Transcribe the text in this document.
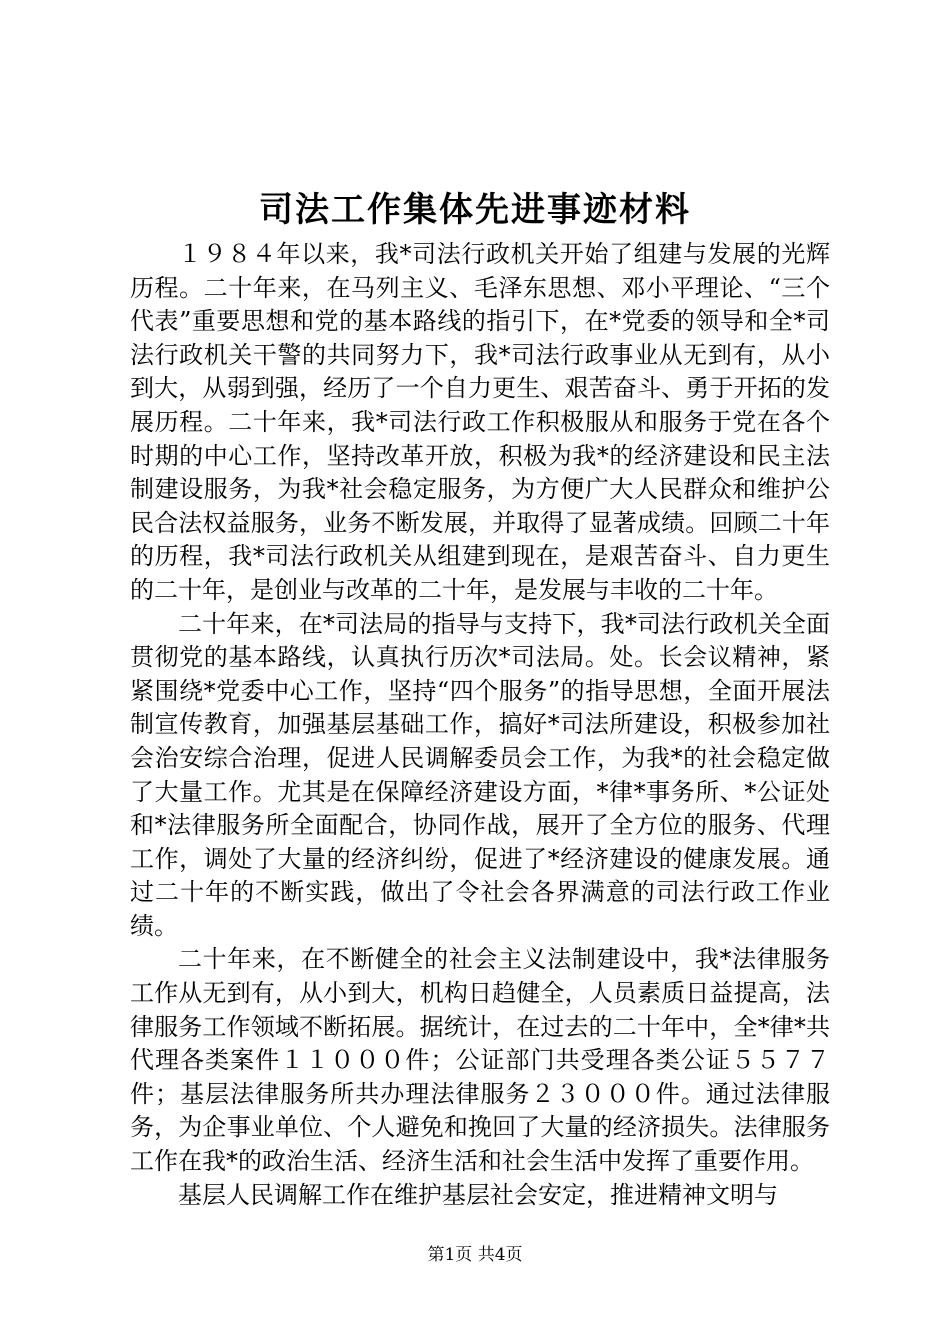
司法工作集体先进事迹材料

１９８４年以来，我*司法行政机关开始了组建与发展的光辉历程。二十年来，在马列主义、毛泽东思想、邓小平理论、“三个代表”重要思想和党的基本路线的指引下，在*党委的领导和全*司法行政机关干警的共同努力下，我*司法行政事业从无到有，从小到大，从弱到强，经历了一个自力更生、艰苦奋斗、勇于开拓的发展历程。二十年来，我*司法行政工作积极服从和服务于党在各个时期的中心工作，坚持改革开放，积极为我*的经济建设和民主法制建设服务，为我*社会稳定服务，为方便广大人民群众和维护公民合法权益服务，业务不断发展，并取得了显著成绩。回顾二十年的历程，我*司法行政机关从组建到现在，是艰苦奋斗、自力更生的二十年，是创业与改革的二十年，是发展与丰收的二十年。

二十年来，在*司法局的指导与支持下，我*司法行政机关全面贯彻党的基本路线，认真执行历次*司法局。处。长会议精神，紧紧围绕*党委中心工作，坚持“四个服务”的指导思想，全面开展法制宣传教育，加强基层基础工作，搞好*司法所建设，积极参加社会治安综合治理，促进人民调解委员会工作，为我*的社会稳定做了大量工作。尤其是在保障经济建设方面，*律*事务所、*公证处和*法律服务所全面配合，协同作战，展开了全方位的服务、代理工作，调处了大量的经济纠纷，促进了*经济建设的健康发展。通过二十年的不断实践，做出了令社会各界满意的司法行政工作业绩。

二十年来，在不断健全的社会主义法制建设中，我*法律服务工作从无到有，从小到大，机构日趋健全，人员素质日益提高，法律服务工作领域不断拓展。据统计，在过去的二十年中，全*律*共代理各类案件１１０００件；公证部门共受理各类公证５５７７件；基层法律服务所共办理法律服务２３０００件。通过法律服务，为企事业单位、个人避免和挽回了大量的经济损失。法律服务工作在我*的政治生活、经济生活和社会生活中发挥了重要作用。

基层人民调解工作在维护基层社会安定，推进精神文明与

第1页 共4页
